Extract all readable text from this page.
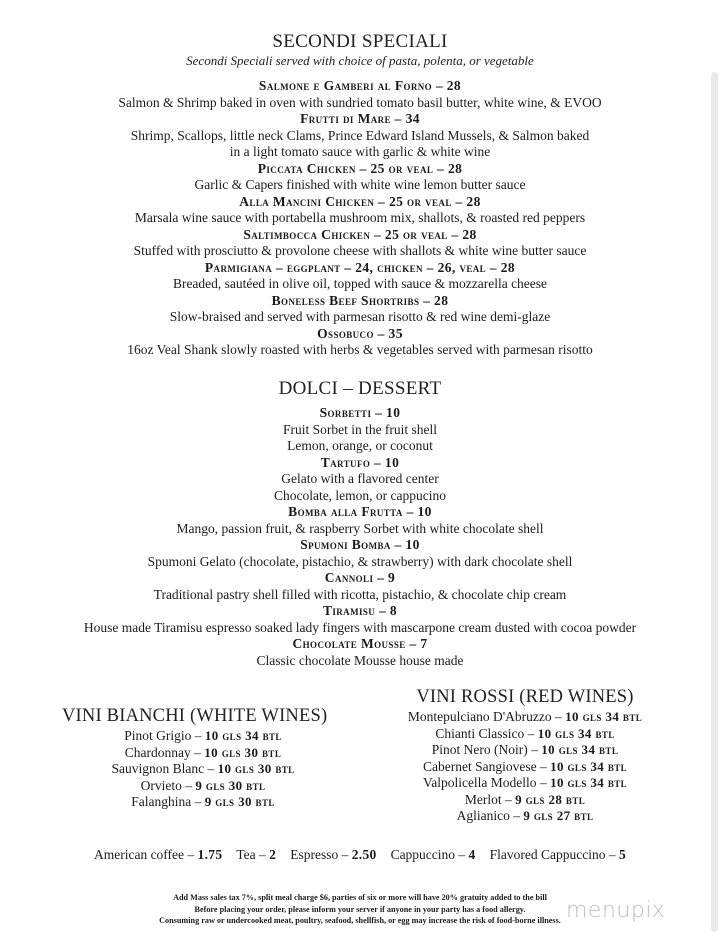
SECONDI SPECIALI
Secondi Speciali served with choice of pasta, polenta, or vegetable
Salmone e Gamberi al Forno – 28
Salmon & Shrimp baked in oven with sundried tomato basil butter, white wine, & EVOO
Frutti di Mare – 34
Shrimp, Scallops, little neck Clams, Prince Edward Island Mussels, & Salmon baked
in a light tomato sauce with garlic & white wine
Piccata Chicken – 25 or veal – 28
Garlic & Capers finished with white wine lemon butter sauce
Alla Mancini Chicken – 25 or veal – 28
Marsala wine sauce with portabella mushroom mix, shallots, & roasted red peppers
Saltimbocca Chicken – 25 or veal – 28
Stuffed with prosciutto & provolone cheese with shallots & white wine butter sauce
Parmigiana – eggplant – 24, chicken – 26, veal – 28
Breaded, sautéed in olive oil, topped with sauce & mozzarella cheese
Boneless Beef Shortribs – 28
Slow-braised and served with parmesan risotto & red wine demi-glaze
Ossobuco – 35
16oz Veal Shank slowly roasted with herbs & vegetables served with parmesan risotto
DOLCI – DESSERT
Sorbetti – 10
Fruit Sorbet in the fruit shell
Lemon, orange, or coconut
Tartufo – 10
Gelato with a flavored center
Chocolate, lemon, or cappucino
Bomba alla Frutta – 10
Mango, passion fruit, & raspberry Sorbet with white chocolate shell
Spumoni Bomba – 10
Spumoni Gelato (chocolate, pistachio, & strawberry) with dark chocolate shell
Cannoli – 9
Traditional pastry shell filled with ricotta, pistachio, & chocolate chip cream
Tiramisu – 8
House made Tiramisu espresso soaked lady fingers with mascarpone cream dusted with cocoa powder
Chocolate Mousse – 7
Classic chocolate Mousse house made
VINI BIANCHI (WHITE WINES)
Pinot Grigio – 10 gls 34 btl
Chardonnay – 10 gls 30 btl
Sauvignon Blanc – 10 gls 30 btl
Orvieto – 9 gls 30 btl
Falanghina – 9 gls 30 btl
VINI ROSSI (RED WINES)
Montepulciano D'Abruzzo – 10 gls 34 btl
Chianti Classico – 10 gls 34 btl
Pinot Nero (Noir) – 10 gls 34 btl
Cabernet Sangiovese – 10 gls 34 btl
Valpolicella Modello – 10 gls 34 btl
Merlot – 9 gls 28 btl
Aglianico – 9 gls 27 btl
American coffee – 1.75 Tea – 2 Espresso – 2.50 Cappuccino – 4 Flavored Cappuccino – 5
Add Mass sales tax 7%, split meal charge $6, parties of six or more will have 20% gratuity added to the bill
Before placing your order, please inform your server if anyone in your party has a food allergy.
Consuming raw or undercooked meat, poultry, seafood, shellfish, or egg may increase the risk of food-borne illness. menupix
